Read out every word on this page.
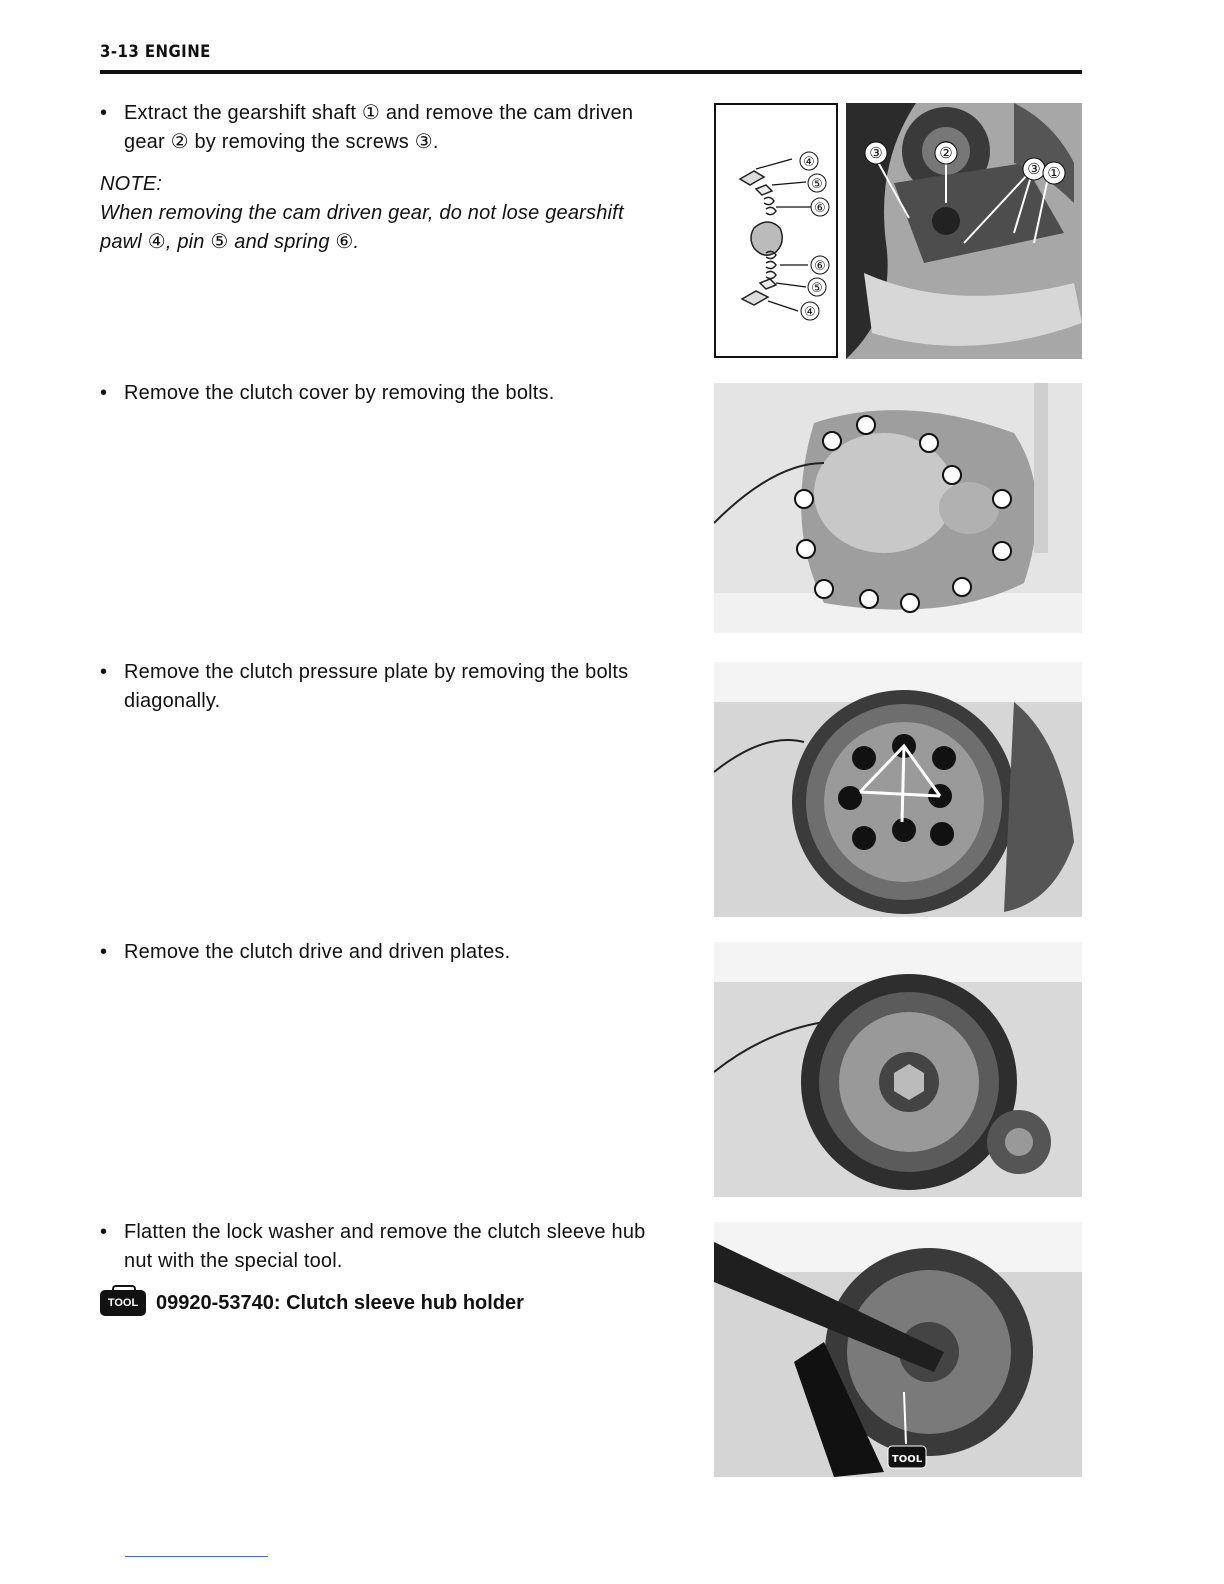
3-13 ENGINE
• Extract the gearshift shaft ① and remove the cam driven
gear ② by removing the screws ③.
NOTE:
When removing the cam driven gear, do not lose gearshift
pawl ④, pin ⑤ and spring ⑥.
• Remove the clutch cover by removing the bolts.
• Remove the clutch pressure plate by removing the bolts
diagonally.
• Remove the clutch drive and driven plates.
• Flatten the lock washer and remove the clutch sleeve hub
nut with the special tool.
TOOL 09920-53740: Clutch sleeve hub holder
④
⑤
⑥
⑥
⑤
④
③	②
③ ①
TOOL
